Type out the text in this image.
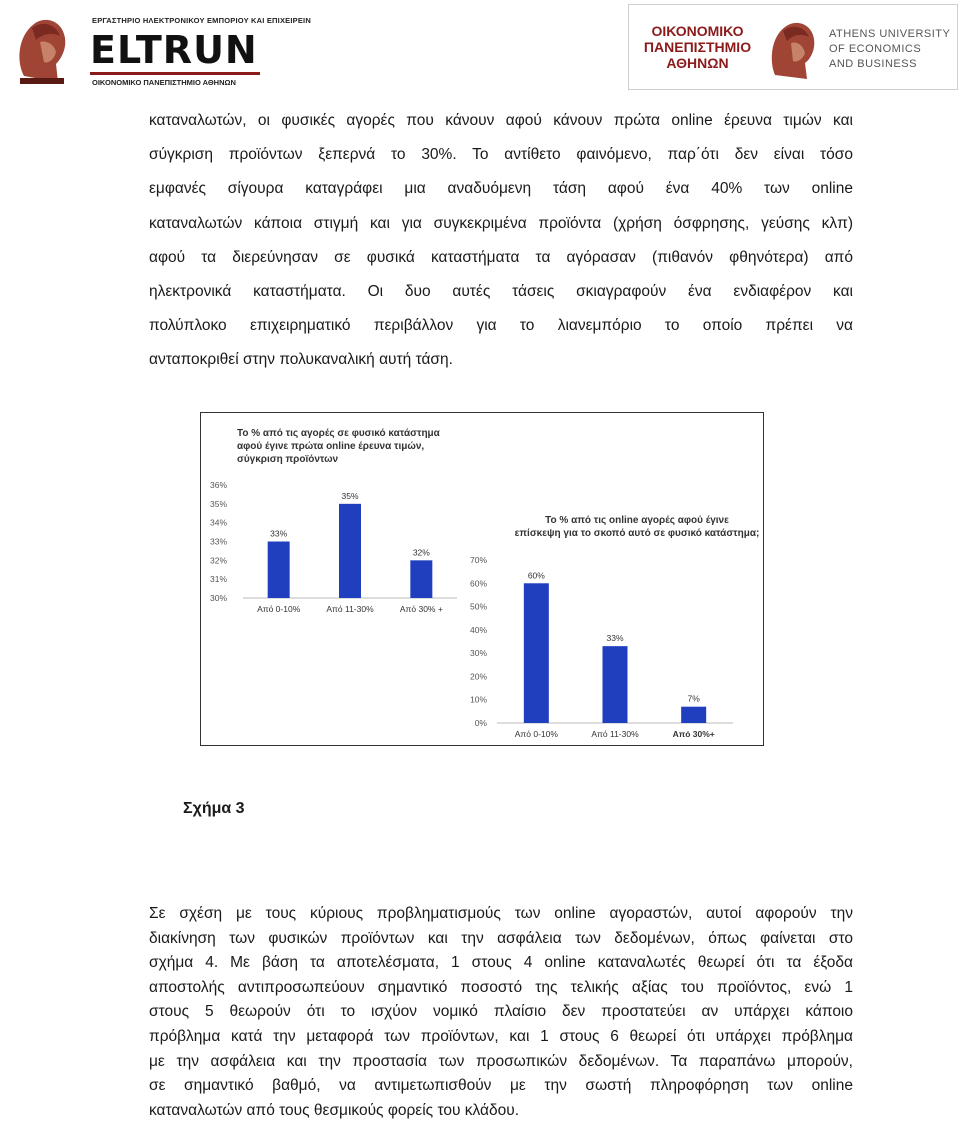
ΕΡΓΑΣΤΗΡΙΟ ΗΛΕΚΤΡΟΝΙΚΟΥ ΕΜΠΟΡΙΟΥ ΚΑΙ ΕΠΙΧΕΙΡΕΙΝ
ELTRUN
ΟΙΚΟΝΟΜΙΚΟ ΠΑΝΕΠΙΣΤΗΜΙΟ ΑΘΗΝΩΝ
ΟΙΚΟΝΟΜΙΚΟ
ΠΑΝΕΠΙΣΤΗΜΙΟ
ΑΘΗΝΩΝ
ATHENS UNIVERSITY
OF ECONOMICS
AND BUSINESS
καταναλωτών, οι φυσικές αγορές που κάνουν αφού κάνουν πρώτα online έρευνα τιμών και
σύγκριση προϊόντων ξεπερνά το 30%. Το αντίθετο φαινόμενο, παρ΄ότι δεν είναι τόσο
εμφανές σίγουρα καταγράφει μια αναδυόμενη τάση αφού ένα 40% των online
καταναλωτών κάποια στιγμή και για συγκεκριμένα προϊόντα (χρήση όσφρησης, γεύσης κλπ)
αφού τα διερεύνησαν σε φυσικά καταστήματα τα αγόρασαν (πιθανόν φθηνότερα) από
ηλεκτρονικά καταστήματα. Οι δυο αυτές τάσεις σκιαγραφούν ένα ενδιαφέρον και
πολύπλοκο επιχειρηματικό περιβάλλον για το λιανεμπόριο το οποίο πρέπει να
ανταποκριθεί στην πολυκαναλική αυτή τάση.
Το % από τις αγορές σε φυσικό κατάστημα
αφού έγινε πρώτα online έρευνα τιμών,
σύγκριση προϊόντων
30%
31%
32%
33%
34%
35%
36%
33%
Από 0-10%
35%
Από 11-30%
32%
Από 30% +
Το % από τις online αγορές αφού έγινε
επίσκεψη για το σκοπό αυτό σε φυσικό κατάστημα;
0%
10%
20%
30%
40%
50%
60%
70%
60%
Από 0-10%
33%
Από 11-30%
7%
Από 30%+
Σχήμα 3
Σε σχέση με τους κύριους προβληματισμούς των online αγοραστών, αυτοί αφορούν την
διακίνηση των φυσικών προϊόντων και την ασφάλεια των δεδομένων, όπως φαίνεται στο
σχήμα 4. Με βάση τα αποτελέσματα, 1 στους 4 online καταναλωτές θεωρεί ότι τα έξοδα
αποστολής αντιπροσωπεύουν σημαντικό ποσοστό της τελικής αξίας του προϊόντος, ενώ 1
στους 5 θεωρούν ότι το ισχύον νομικό πλαίσιο δεν προστατεύει αν υπάρχει κάποιο
πρόβλημα κατά την μεταφορά των προϊόντων, και 1 στους 6 θεωρεί ότι υπάρχει πρόβλημα
με την ασφάλεια και την προστασία των προσωπικών δεδομένων. Τα παραπάνω μπορούν,
σε σημαντικό βαθμό, να αντιμετωπισθούν με την σωστή πληροφόρηση των online
καταναλωτών από τους θεσμικούς φορείς του κλάδου.
